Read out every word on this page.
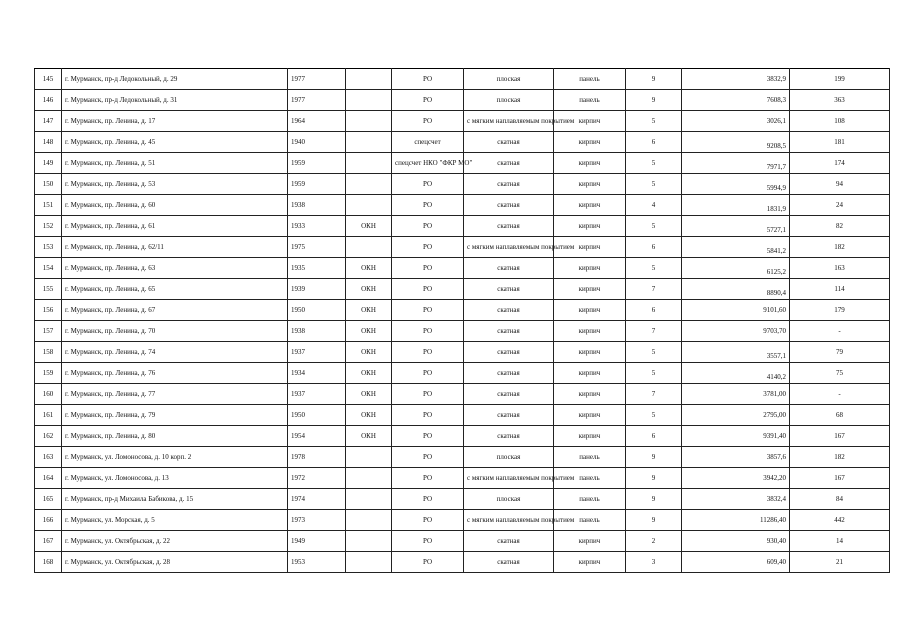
145	г. Мурманск, пр-д Ледокольный, д. 29	1977		РО	плоская	панель	9	3832,9	199
146	г. Мурманск, пр-д Ледокольный, д. 31	1977		РО	плоская	панель	9	7608,3	363
147	г. Мурманск, пр. Ленина, д. 17	1964		РО	с мягким наплавляемым покрытием	кирпич	5	3026,1	108
148	г. Мурманск, пр. Ленина, д. 45	1940		спецсчет	скатная	кирпич	6	9208,5	181
149	г. Мурманск, пр. Ленина, д. 51	1959		спецсчет НКО "ФКР МО"	скатная	кирпич	5	7971,7	174
150	г. Мурманск, пр. Ленина, д. 53	1959		РО	скатная	кирпич	5	5994,9	94
151	г. Мурманск, пр. Ленина, д. 60	1938		РО	скатная	кирпич	4	1831,9	24
152	г. Мурманск, пр. Ленина, д. 61	1933	ОКН	РО	скатная	кирпич	5	5727,1	82
153	г. Мурманск, пр. Ленина, д. 62/11	1975		РО	с мягким наплавляемым покрытием	кирпич	6	5841,2	182
154	г. Мурманск, пр. Ленина, д. 63	1935	ОКН	РО	скатная	кирпич	5	6125,2	163
155	г. Мурманск, пр. Ленина, д. 65	1939	ОКН	РО	скатная	кирпич	7	8890,4	114
156	г. Мурманск, пр. Ленина, д. 67	1950	ОКН	РО	скатная	кирпич	6	9101,60	179
157	г. Мурманск, пр. Ленина, д. 70	1938	ОКН	РО	скатная	кирпич	7	9703,70	-
158	г. Мурманск, пр. Ленина, д. 74	1937	ОКН	РО	скатная	кирпич	5	3557,1	79
159	г. Мурманск, пр. Ленина, д. 76	1934	ОКН	РО	скатная	кирпич	5	4140,2	75
160	г. Мурманск, пр. Ленина, д. 77	1937	ОКН	РО	скатная	кирпич	7	3781,00	-
161	г. Мурманск, пр. Ленина, д. 79	1950	ОКН	РО	скатная	кирпич	5	2795,00	68
162	г. Мурманск, пр. Ленина, д. 80	1954	ОКН	РО	скатная	кирпич	6	9391,40	167
163	г. Мурманск, ул. Ломоносова, д. 10 корп. 2	1978		РО	плоская	панель	9	3857,6	182
164	г. Мурманск, ул. Ломоносова, д. 13	1972		РО	с мягким наплавляемым покрытием	панель	9	3942,20	167
165	г. Мурманск, пр-д Михаила Бабикова, д. 15	1974		РО	плоская	панель	9	3832,4	84
166	г. Мурманск, ул. Морская, д. 5	1973		РО	с мягким наплавляемым покрытием	панель	9	11286,40	442
167	г. Мурманск, ул. Октябрьская, д. 22	1949		РО	скатная	кирпич	2	930,40	14
168	г. Мурманск, ул. Октябрьская, д. 28	1953		РО	скатная	кирпич	3	609,40	21
